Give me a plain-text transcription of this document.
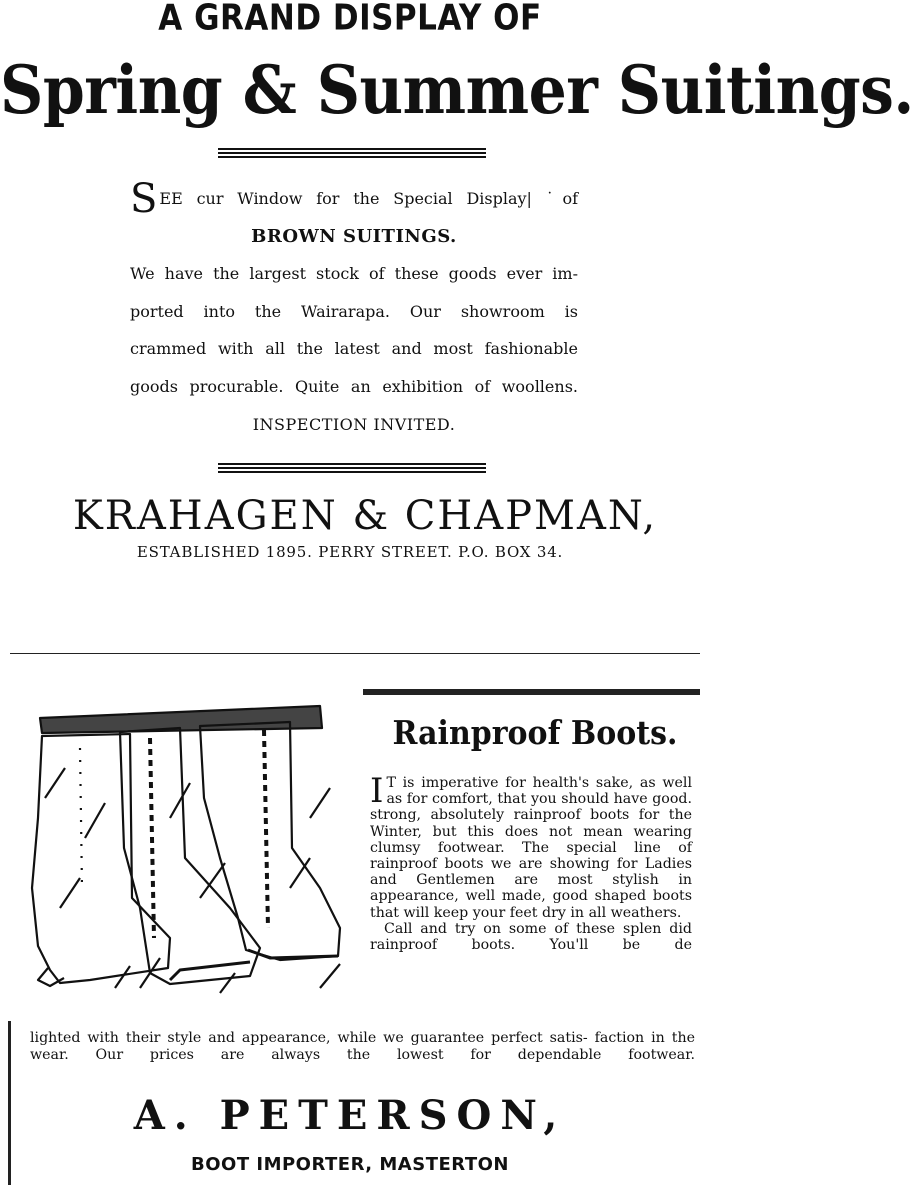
A GRAND DISPLAY OF
Spring & Summer Suitings.

SEE cur Window for the Special Display| ˙of

BROWN SUITINGS.

We have the largest stock of these goods ever im-

ported into the Wairarapa. Our showroom is

crammed with all the latest and most fashionable

goods procurable. Quite an exhibition of woollens.

INSPECTION INVITED.

KRAHAGEN & CHAPMAN,
ESTABLISHED 1895. PERRY STREET. P.O. BOX 34.
Rainproof Boots.

I T is imperative for health's sake, as well as for comfort, that you should have good. strong, absolutely rainproof boots for the Winter, but this does not mean wearing clumsy footwear. The special line of rainproof boots we are showing for Ladies and Gentlemen are most stylish in appearance, well made, good shaped boots that will keep your feet dry in all weathers.

Call and try on some of these splen did rainproof boots. You'll be de

lighted with their style and appearance, while we guarantee perfect satis- faction in the wear. Our prices are always the lowest for dependable footwear.

A. PETERSON,
BOOT IMPORTER, MASTERTON
